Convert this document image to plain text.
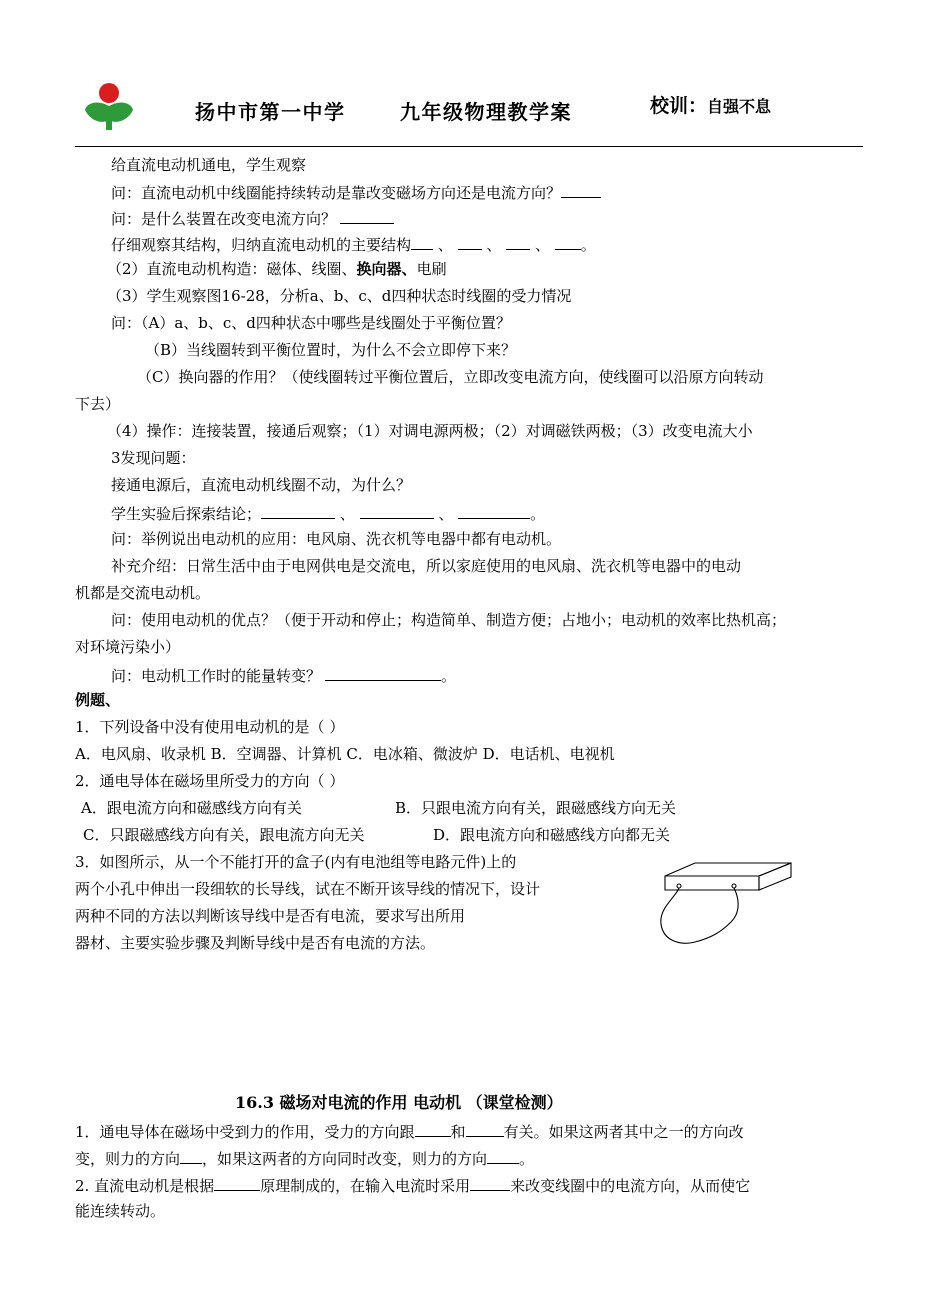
扬中市第一中学	九年级物理教学案	校训：自强不息
给直流电动机通电，学生观察
问：直流电动机中线圈能持续转动是靠改变磁场方向还是电流方向？
问：是什么装置在改变电流方向？
仔细观察其结构，归纳直流电动机的主要结构 、 、 、 。
（2）直流电动机构造：磁体、线圈、换向器、电刷
（3）学生观察图16-28，分析a、b、c、d四种状态时线圈的受力情况
问：（A）a、b、c、d四种状态中哪些是线圈处于平衡位置？
（B）当线圈转到平衡位置时，为什么不会立即停下来？
（C）换向器的作用？（使线圈转过平衡位置后，立即改变电流方向，使线圈可以沿原方向转动
下去）
（4）操作：连接装置，接通后观察；（1）对调电源两极；（2）对调磁铁两极；（3）改变电流大小
3发现问题：
接通电源后，直流电动机线圈不动，为什么？
学生实验后探索结论；	、	、	。
问：举例说出电动机的应用：电风扇、洗衣机等电器中都有电动机。
补充介绍：日常生活中由于电网供电是交流电，所以家庭使用的电风扇、洗衣机等电器中的电动
机都是交流电动机。
问：使用电动机的优点？（便于开动和停止；构造简单、制造方便；占地小；电动机的效率比热机高；
对环境污染小）
问：电动机工作时的能量转变？	。
例题、
1．下列设备中没有使用电动机的是（ ）
A．电风扇、收录机 B．空调器、计算机 C．电冰箱、微波炉 D．电话机、电视机
2．通电导体在磁场里所受力的方向（ ）
A．跟电流方向和磁感线方向有关	B．只跟电流方向有关，跟磁感线方向无关
C．只跟磁感线方向有关，跟电流方向无关	D．跟电流方向和磁感线方向都无关
3．如图所示，从一个不能打开的盒子(内有电池组等电路元件)上的
两个小孔中伸出一段细软的长导线，试在不断开该导线的情况下，设计
两种不同的方法以判断该导线中是否有电流，要求写出所用
器材、主要实验步骤及判断导线中是否有电流的方法。
16.3 磁场对电流的作用 电动机 （课堂检测）
1．通电导体在磁场中受到力的作用，受力的方向跟 和	有关。如果这两者其中之一的方向改
变，则力的方向 ，如果这两者的方向同时改变，则力的方向 。
2. 直流电动机是根据	原理制成的，在输入电流时采用	来改变线圈中的电流方向，从而使它
能连续转动。
